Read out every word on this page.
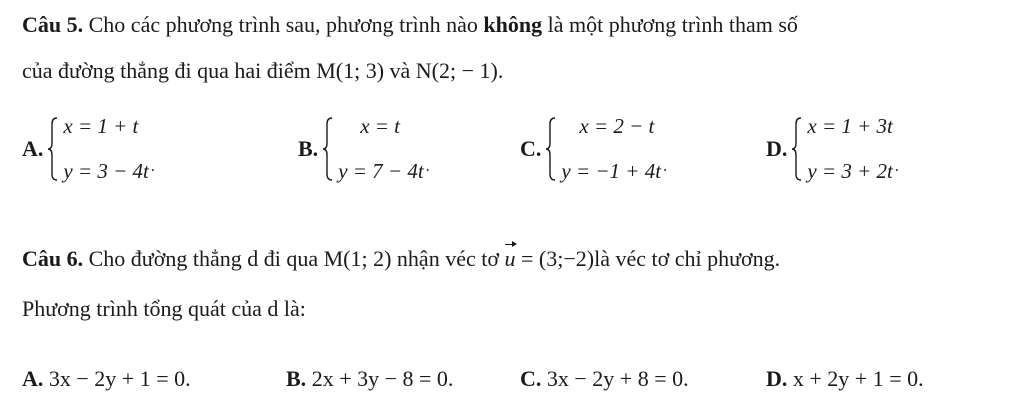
Câu 5. Cho các phương trình sau, phương trình nào không là một phương trình tham số
của đường thẳng đi qua hai điểm M(1; 3) và N(2; − 1).
A.
x = 1 + t
y = 3 − 4t .
B.
x = t
y = 7 − 4t .
C.
x = 2 − t
y = −1 + 4t .
D.
x = 1 + 3t
y = 3 + 2t .
Câu 6. Cho đường thẳng d đi qua M(1; 2) nhận véc tơ u = (3;−2)là véc tơ chỉ phương.
Phương trình tổng quát của d là:
A. 3x − 2y + 1 = 0.	B. 2x + 3y − 8 = 0.	C. 3x − 2y + 8 = 0.	D. x + 2y + 1 = 0.
